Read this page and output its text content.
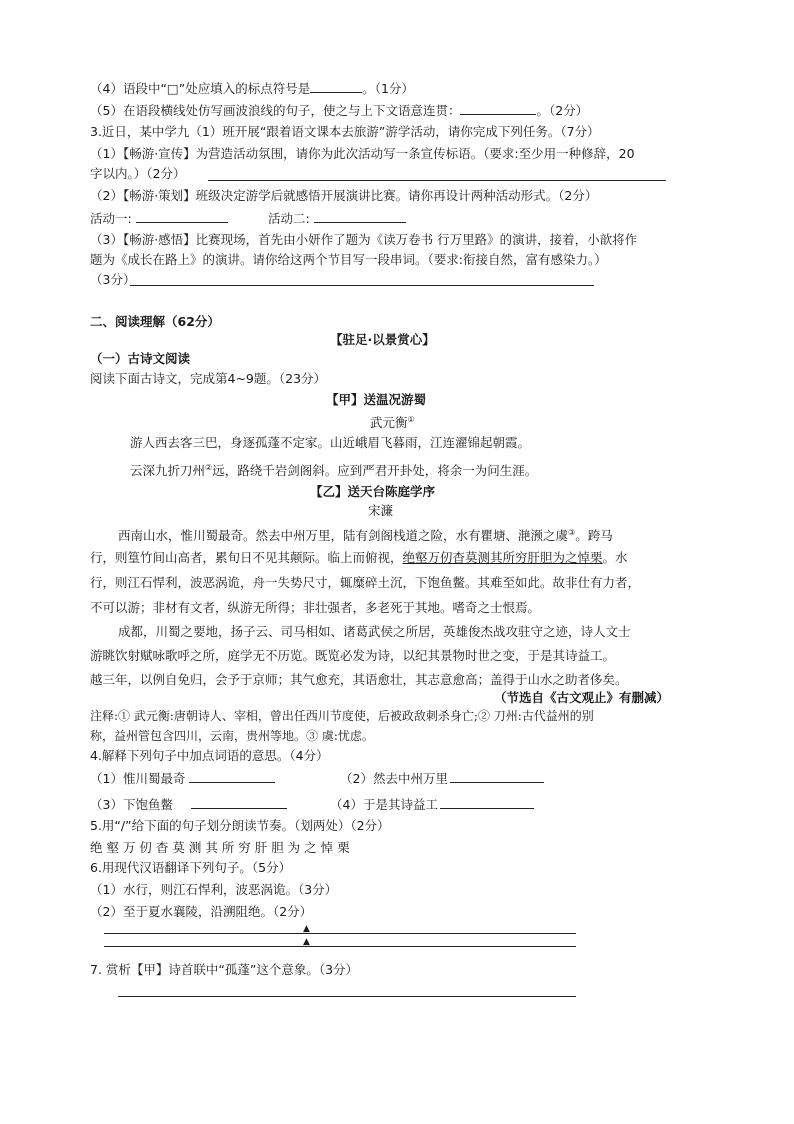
（4）语段中“□”处应填入的标点符号是	。（1分）
（5）在语段横线处仿写画波浪线的句子，使之与上下文语意连贯：	。（2分）
3.近日，某中学九（1）班开展“跟着语文课本去旅游”游学活动，请你完成下列任务。（7分）
（1）【畅游·宣传】为营造活动氛围，请你为此次活动写一条宣传标语。（要求:至少用一种修辞，20
字以内。）（2分）
（2）【畅游·策划】班级决定游学后就感悟开展演讲比赛。请你再设计两种活动形式。（2分）
活动一:	活动二:
（3）【畅游·感悟】比赛现场，首先由小妍作了题为《读万卷书 行万里路》的演讲，接着，小歆将作
题为《成长在路上》的演讲。请你给这两个节目写一段串词。（要求:衔接自然，富有感染力。）
（3分）
二、阅读理解（62分）
【驻足·以景赏心】
（一）古诗文阅读
阅读下面古诗文，完成第4~9题。（23分）
【甲】送温况游蜀
武元衡①
游人西去客三巴，身逐孤蓬不定家。山近峨眉飞暮雨，江连濯锦起朝霞。
云深九折刀州②远，路绕千岩剑阁斜。应到严君开卦处，将余一为问生涯。
【乙】送天台陈庭学序
宋濂
西南山水，惟川蜀最奇。然去中州万里，陆有剑阁栈道之险，水有瞿塘、滟滪之虞③。跨马
行，则篁竹间山高者，累旬日不见其颠际。临上而俯视，绝壑万仞杳莫测其所穷肝胆为之悼栗。水
行，则江石悍利，波恶涡诡，舟一失势尺寸，辄糜碎土沉，下饱鱼鳖。其难至如此。故非仕有力者，
不可以游；非材有文者，纵游无所得；非壮强者，多老死于其地。嗜奇之士恨焉。
成都，川蜀之要地，扬子云、司马相如、诸葛武侯之所居，英雄俊杰战攻驻守之迹，诗人文士
游眺饮射赋咏歌呼之所，庭学无不历览。既览必发为诗，以纪其景物时世之变，于是其诗益工。
越三年，以例自免归，会予于京师；其气愈充，其语愈壮，其志意愈高；盖得于山水之助者侈矣。
（节选自《古文观止》有删减）
注释:① 武元衡:唐朝诗人、宰相，曾出任西川节度使，后被政敌刺杀身亡;② 刀州:古代益州的别
称，益州管包含四川，云南，贵州等地。③ 虞:忧虑。
4.解释下列句子中加点词语的意思。（4分）
（1）惟川蜀最奇	（2）然去中州万里
（3）下饱鱼鳖	（4）于是其诗益工
5.用“/”给下面的句子划分朗读节奏。（划两处）（2分）
绝 壑 万 仞 杳 莫 测 其 所 穷 肝 胆 为 之 悼 栗
6.用现代汉语翻译下列句子。（5分）
（1）水行，则江石悍利，波恶涡诡。（3分）
（2）至于夏水襄陵，沿溯阻绝。（2分）
▲
▲
7. 赏析【甲】诗首联中“孤蓬”这个意象。（3分）
